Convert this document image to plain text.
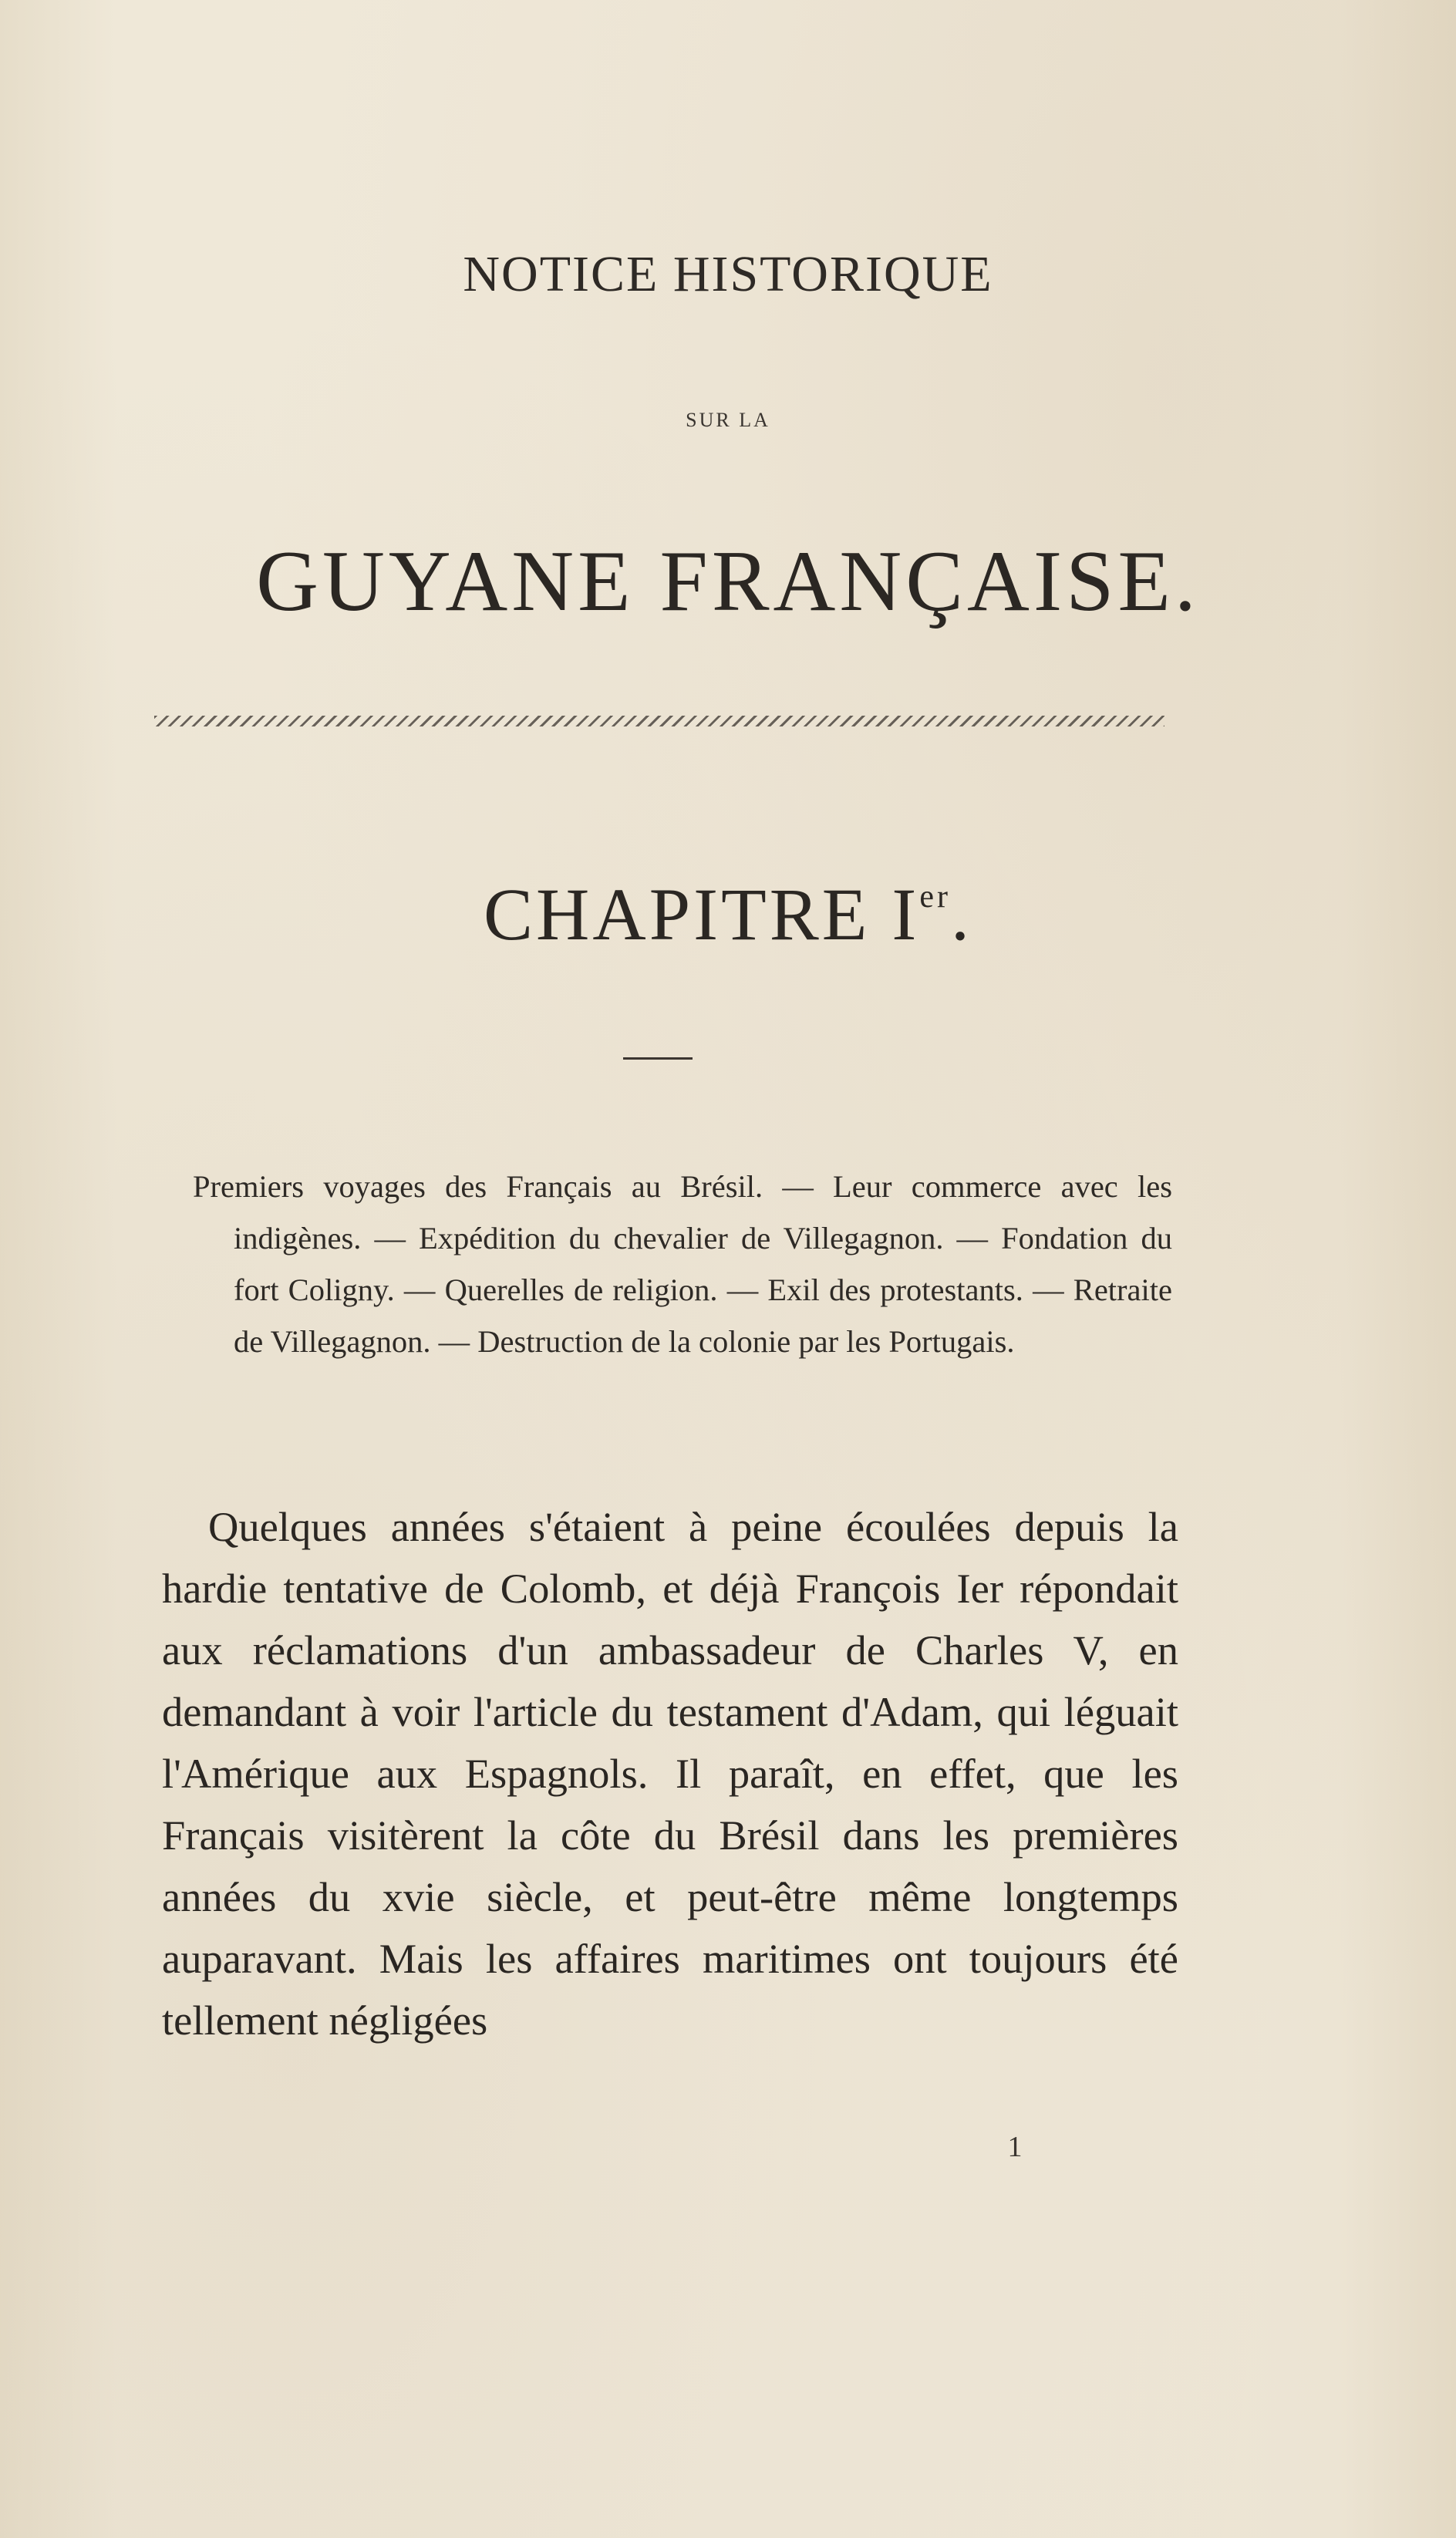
NOTICE HISTORIQUE
SUR LA
GUYANE FRANÇAISE.
CHAPITRE Ier.
Premiers voyages des Français au Brésil. — Leur commerce avec les indigènes. — Expédition du chevalier de Villegagnon. — Fondation du fort Coligny. — Querelles de religion. — Exil des protestants. — Retraite de Villegagnon. — Destruction de la colonie par les Portugais.
Quelques années s'étaient à peine écoulées depuis la hardie tentative de Colomb, et déjà François Ier répondait aux réclamations d'un ambassadeur de Charles V, en demandant à voir l'article du testament d'Adam, qui léguait l'Amérique aux Espagnols. Il paraît, en effet, que les Français visitèrent la côte du Brésil dans les premières années du xvie siècle, et peut-être même longtemps auparavant. Mais les affaires maritimes ont toujours été tellement négligées
1
